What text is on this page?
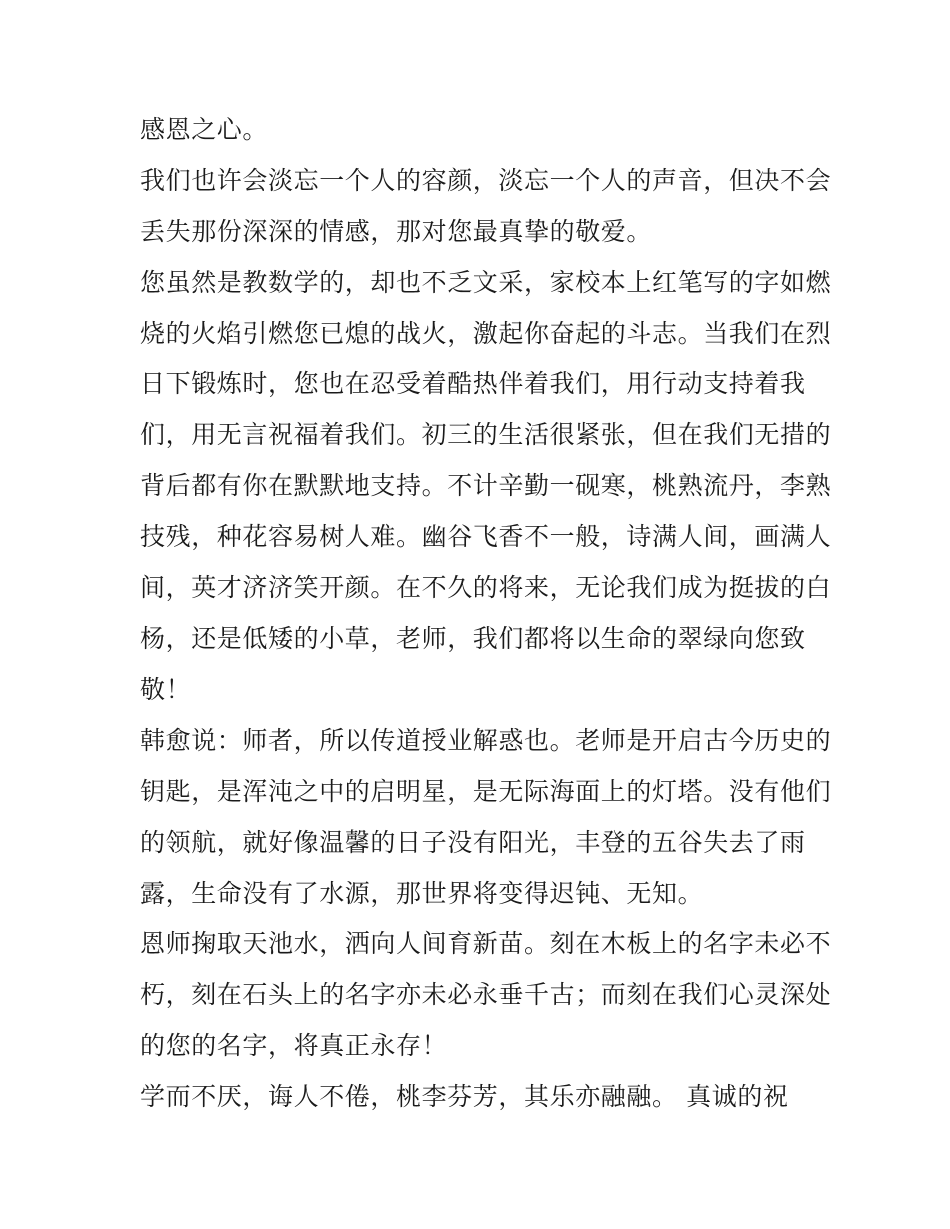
感恩之心。

我们也许会淡忘一个人的容颜，淡忘一个人的声音，但决不会

丢失那份深深的情感，那对您最真挚的敬爱。

您虽然是教数学的，却也不乏文采，家校本上红笔写的字如燃

烧的火焰引燃您已熄的战火，激起你奋起的斗志。当我们在烈

日下锻炼时，您也在忍受着酷热伴着我们，用行动支持着我

们，用无言祝福着我们。初三的生活很紧张，但在我们无措的

背后都有你在默默地支持。不计辛勤一砚寒，桃熟流丹，李熟

技残，种花容易树人难。幽谷飞香不一般，诗满人间，画满人

间，英才济济笑开颜。在不久的将来，无论我们成为挺拔的白

杨，还是低矮的小草，老师，我们都将以生命的翠绿向您致

敬！

韩愈说：师者，所以传道授业解惑也。老师是开启古今历史的

钥匙，是浑沌之中的启明星，是无际海面上的灯塔。没有他们

的领航，就好像温馨的日子没有阳光，丰登的五谷失去了雨

露，生命没有了水源，那世界将变得迟钝、无知。

恩师掬取天池水，洒向人间育新苗。刻在木板上的名字未必不

朽，刻在石头上的名字亦未必永垂千古；而刻在我们心灵深处

的您的名字，将真正永存！

学而不厌，诲人不倦，桃李芬芳，其乐亦融融。 真诚的祝
